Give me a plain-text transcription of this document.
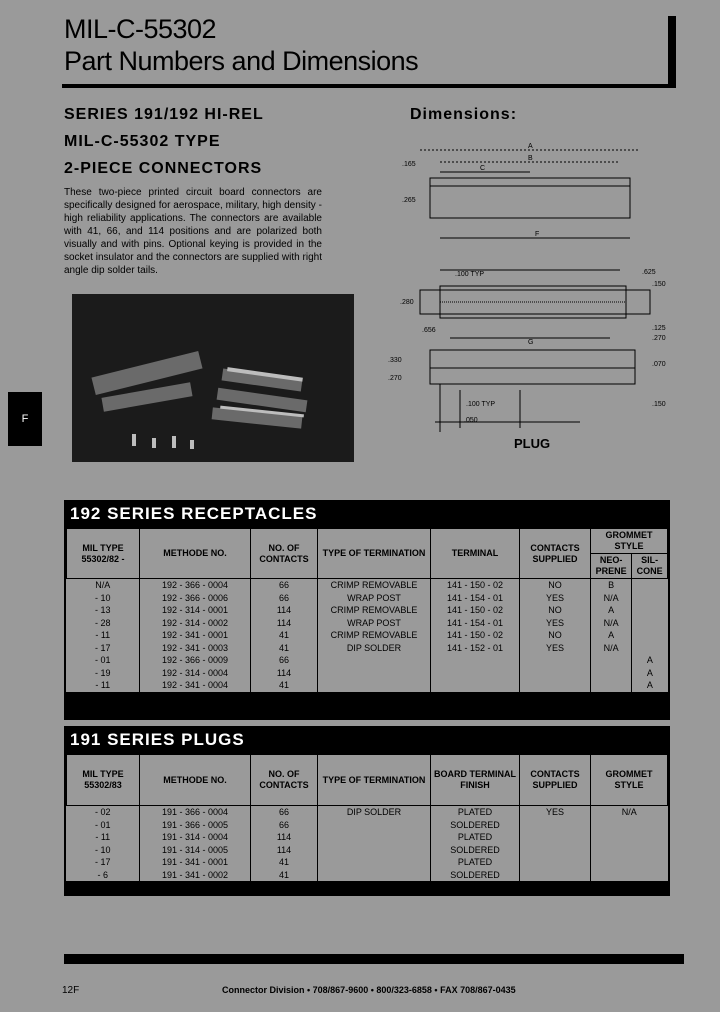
MIL-C-55302
Part Numbers and Dimensions
SERIES 191/192 HI-REL
MIL-C-55302 TYPE
2-PIECE CONNECTORS
Dimensions:
These two-piece printed circuit board connectors are specifically designed for aerospace, military, high density - high reliability applications. The connectors are available with 41, 66, and 114 positions and are polarized both visually and with pins. Optional keying is provided in the socket insulator and the connectors are supplied with right angle dip solder tails.
F
A
B
C
.165
.265
F
.100 TYP	.625
.150
.280
.656
G
.125
.270
.330
.270
.100 TYP
.050
.070
.150
PLUG
192 SERIES RECEPTACLES
MIL TYPE 55302/82 -	METHODE NO.	NO. OF CONTACTS	TYPE OF TERMINATION	TERMINAL	CONTACTS SUPPLIED	GROMMET STYLE	
						NEO-PRENE	SIL- CONE
N/A	192 - 366 - 0004	66	CRIMP REMOVABLE	141 - 150 - 02	NO	B	
- 10	192 - 366 - 0006	66	WRAP POST	141 - 154 - 01	YES	N/A	
- 13	192 - 314 - 0001	114	CRIMP REMOVABLE	141 - 150 - 02	NO	A	
- 28	192 - 314 - 0002	114	WRAP POST	141 - 154 - 01	YES	N/A	
- 11	192 - 341 - 0001	41	CRIMP REMOVABLE	141 - 150 - 02	NO	A	
- 17	192 - 341 - 0003	41	DIP SOLDER	141 - 152 - 01	YES	N/A	
- 01	192 - 366 - 0009	66					A
- 19	192 - 314 - 0004	114					A
- 11	192 - 341 - 0004	41					A
191 SERIES PLUGS
MIL TYPE 55302/83	METHODE NO.	NO. OF CONTACTS	TYPE OF TERMINATION	BOARD TERMINAL FINISH	CONTACTS SUPPLIED	GROMMET STYLE
- 02	191 - 366 - 0004	66	DIP SOLDER	PLATED	YES	N/A
- 01	191 - 366 - 0005	66		SOLDERED		
- 11	191 - 314 - 0004	114		PLATED		
- 10	191 - 314 - 0005	114		SOLDERED		
- 17	191 - 341 - 0001	41		PLATED		
- 6	191 - 341 - 0002	41		SOLDERED		
12F	Connector Division • 708/867-9600 • 800/323-6858 • FAX 708/867-0435
